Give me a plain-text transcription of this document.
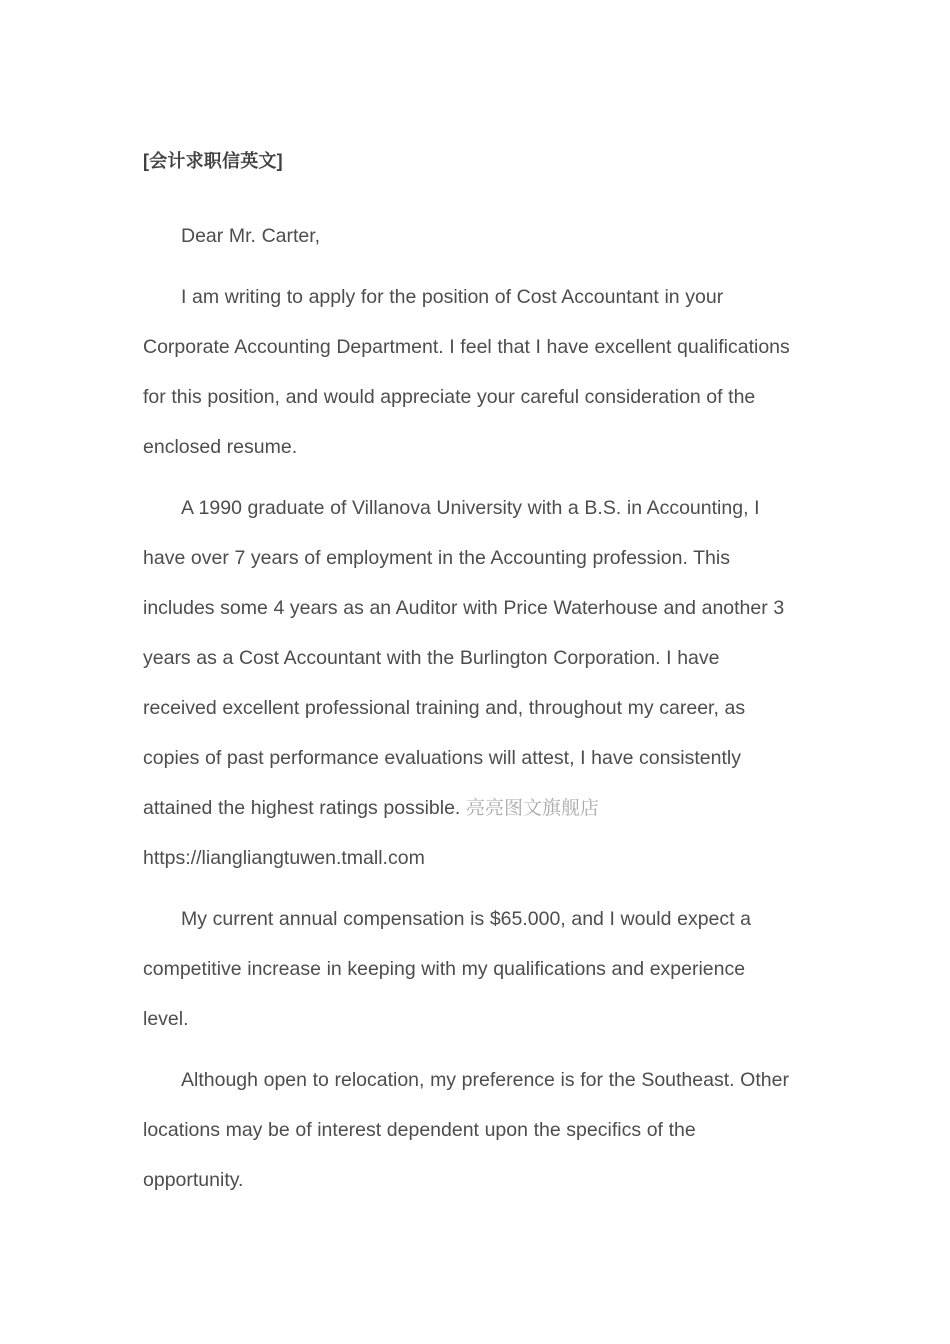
[会计求职信英文]

Dear Mr. Carter,

I am writing to apply for the position of Cost Accountant in your Corporate Accounting Department. I feel that I have excellent qualifications for this position, and would appreciate your careful consideration of the enclosed resume.

A 1990 graduate of Villanova University with a B.S. in Accounting, I have over 7 years of employment in the Accounting profession. This includes some 4 years as an Auditor with Price Waterhouse and another 3 years as a Cost Accountant with the Burlington Corporation. I have received excellent professional training and, throughout my career, as copies of past performance evaluations will attest, I have consistently attained the highest ratings possible. 亮亮图文旗舰店 https://liangliangtuwen.tmall.com

My current annual compensation is $65.000, and I would expect a competitive increase in keeping with my qualifications and experience level.

Although open to relocation, my preference is for the Southeast. Other locations may be of interest dependent upon the specifics of the opportunity.
